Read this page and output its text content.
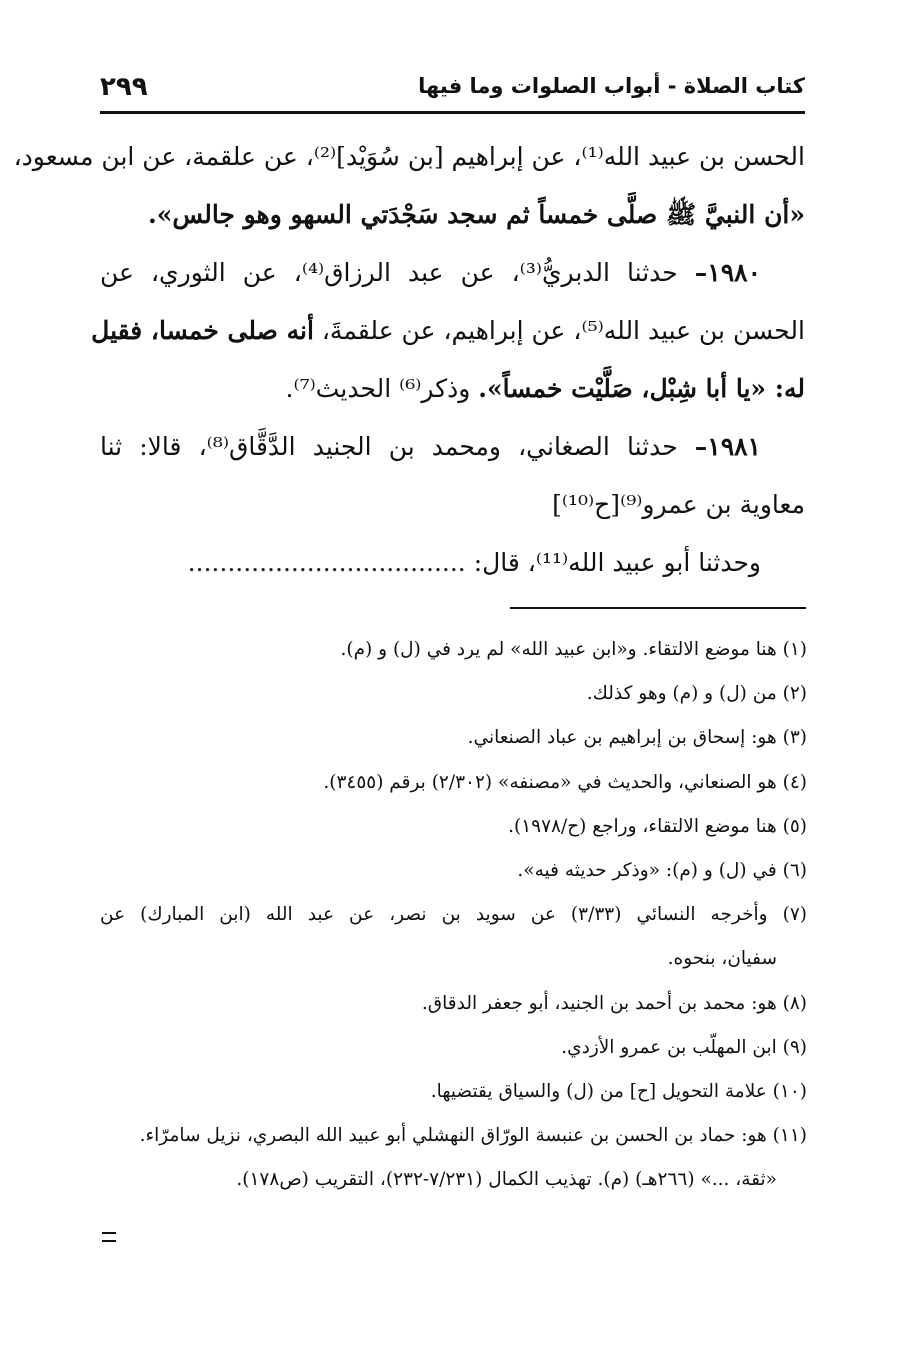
كتاب الصلاة - أبواب الصلوات وما فيها
٢٩٩
الحسن بن عبيد الله⁽¹⁾، عن إبراهيم [بن سُوَيْد]⁽²⁾، عن علقمة، عن ابن مسعود،
«أن النبيَّ ﷺ صلَّى خمساً ثم سجد سَجْدَتي السهو وهو جالس».
١٩٨٠– حدثنا الدبريُّ⁽³⁾، عن عبد الرزاق⁽⁴⁾، عن الثوري، عن
الحسن بن عبيد الله⁽⁵⁾، عن إبراهيم، عن علقمةَ، أنه صلى خمسا، فقيل
له: «يا أبا شِبْل، صَلَّيْت خمساً». وذكر⁽⁶⁾ الحديث⁽⁷⁾.
١٩٨١– حدثنا الصغاني، ومحمد بن الجنيد الدَّقَّاق⁽⁸⁾، قالا: ثنا
معاوية بن عمرو⁽⁹⁾[ح⁽¹⁰⁾]
وحدثنا أبو عبيد الله⁽¹¹⁾، قال: ...................................
(١) هنا موضع الالتقاء. و«ابن عبيد الله» لم يرد في (ل) و (م).
(٢) من (ل) و (م) وهو كذلك.
(٣) هو: إسحاق بن إبراهيم بن عباد الصنعاني.
(٤) هو الصنعاني، والحديث في «مصنفه» (٢/٣٠٢) برقم (٣٤٥٥).
(٥) هنا موضع الالتقاء، وراجع (ح/١٩٧٨).
(٦) في (ل) و (م): «وذكر حديثه فيه».
(٧) وأخرجه النسائي (٣/٣٣) عن سويد بن نصر، عن عبد الله (ابن المبارك) عن
سفيان، بنحوه.
(٨) هو: محمد بن أحمد بن الجنيد، أبو جعفر الدقاق.
(٩) ابن المهلّب بن عمرو الأزدي.
(١٠) علامة التحويل [ح] من (ل) والسياق يقتضيها.
(١١) هو: حماد بن الحسن بن عنبسة الورّاق النهشلي أبو عبيد الله البصري، نزيل سامرّاء.
«ثقة، ...» (٢٦٦هـ) (م). تهذيب الكمال (٧/٢٣١-٢٣٢)، التقريب (ص١٧٨).
